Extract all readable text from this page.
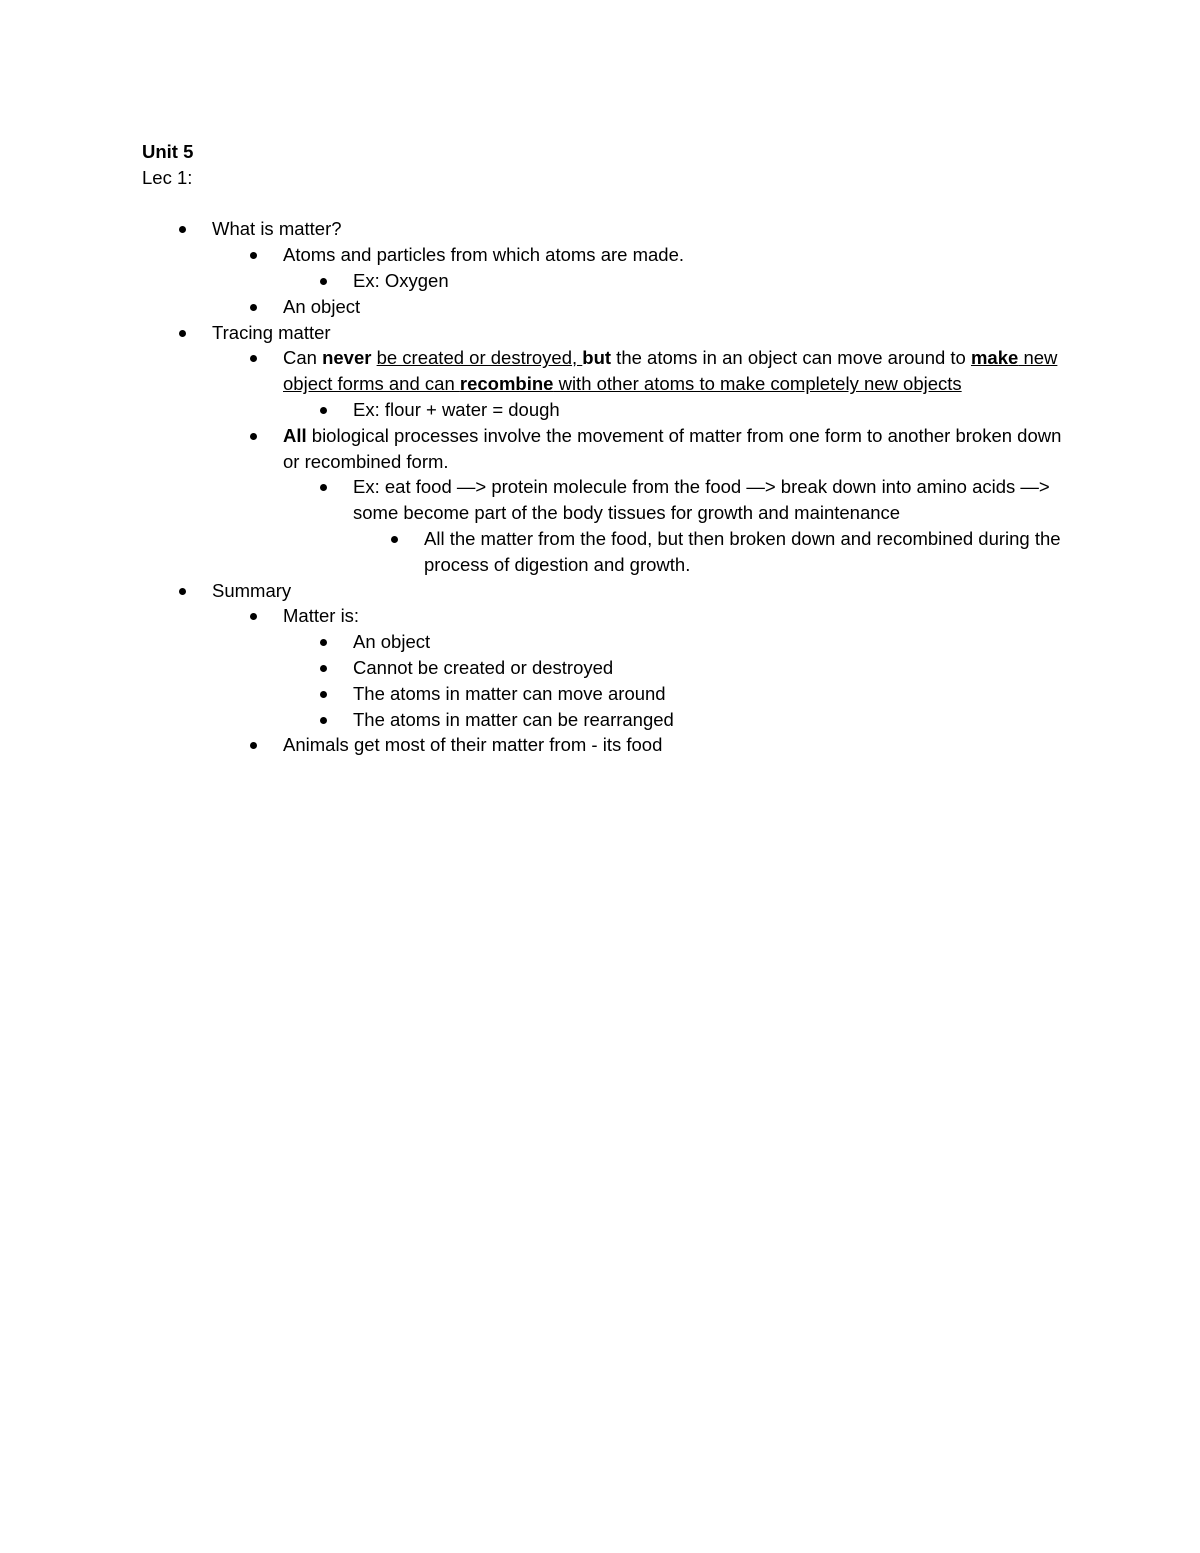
Unit 5
Lec 1:
What is matter?
Atoms and particles from which atoms are made.
Ex: Oxygen
An object
Tracing matter
Can never be created or destroyed, but the atoms in an object can move around to make new object forms and can recombine with other atoms to make completely new objects
Ex: flour + water = dough
All biological processes involve the movement of matter from one form to another broken down or recombined form.
Ex: eat food —> protein molecule from the food —> break down into amino acids —> some become part of the body tissues for growth and maintenance
All the matter from the food, but then broken down and recombined during the process of digestion and growth.
Summary
Matter is:
An object
Cannot be created or destroyed
The atoms in matter can move around
The atoms in matter can be rearranged
Animals get most of their matter from - its food
